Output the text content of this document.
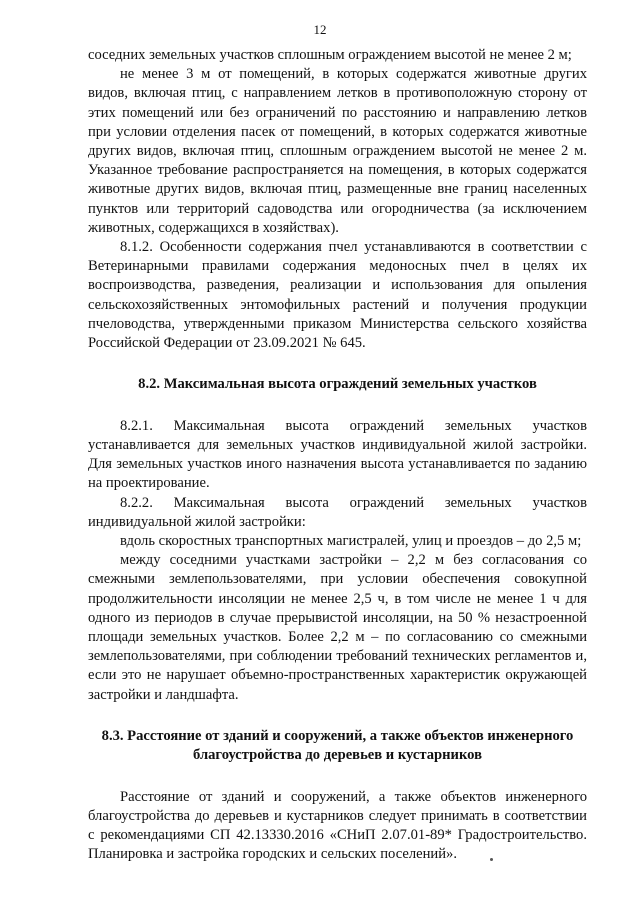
12

соседних земельных участков сплошным ограждением высотой не менее 2 м;

не менее 3 м от помещений, в которых содержатся животные других видов, включая птиц, с направлением летков в противоположную сторону от этих помещений или без ограничений по расстоянию и направлению летков при условии отделения пасек от помещений, в которых содержатся животные других видов, включая птиц, сплошным ограждением высотой не менее 2 м. Указанное требование распространяется на помещения, в которых содержатся животные других видов, включая птиц, размещенные вне границ населенных пунктов или территорий садоводства или огородничества (за исключением животных, содержащихся в хозяйствах).

8.1.2. Особенности содержания пчел устанавливаются в соответствии с Ветеринарными правилами содержания медоносных пчел в целях их воспроизводства, разведения, реализации и использования для опыления сельскохозяйственных энтомофильных растений и получения продукции пчеловодства, утвержденными приказом Министерства сельского хозяйства Российской Федерации от 23.09.2021 № 645.

8.2. Максимальная высота ограждений земельных участков

8.2.1. Максимальная высота ограждений земельных участков устанавливается для земельных участков индивидуальной жилой застройки. Для земельных участков иного назначения высота устанавливается по заданию на проектирование.

8.2.2. Максимальная высота ограждений земельных участков индивидуальной жилой застройки:

вдоль скоростных транспортных магистралей, улиц и проездов – до 2,5 м;

между соседними участками застройки – 2,2 м без согласования со смежными землепользователями, при условии обеспечения совокупной продолжительности инсоляции не менее 2,5 ч, в том числе не менее 1 ч для одного из периодов в случае прерывистой инсоляции, на 50 % незастроенной площади земельных участков. Более 2,2 м – по согласованию со смежными землепользователями, при соблюдении требований технических регламентов и, если это не нарушает объемно-пространственных характеристик окружающей застройки и ландшафта.

8.3. Расстояние от зданий и сооружений, а также объектов инженерного благоустройства до деревьев и кустарников

Расстояние от зданий и сооружений, а также объектов инженерного благоустройства до деревьев и кустарников следует принимать в соответствии с рекомендациями СП 42.13330.2016 «СНиП 2.07.01-89* Градостроительство. Планировка и застройка городских и сельских поселений».
